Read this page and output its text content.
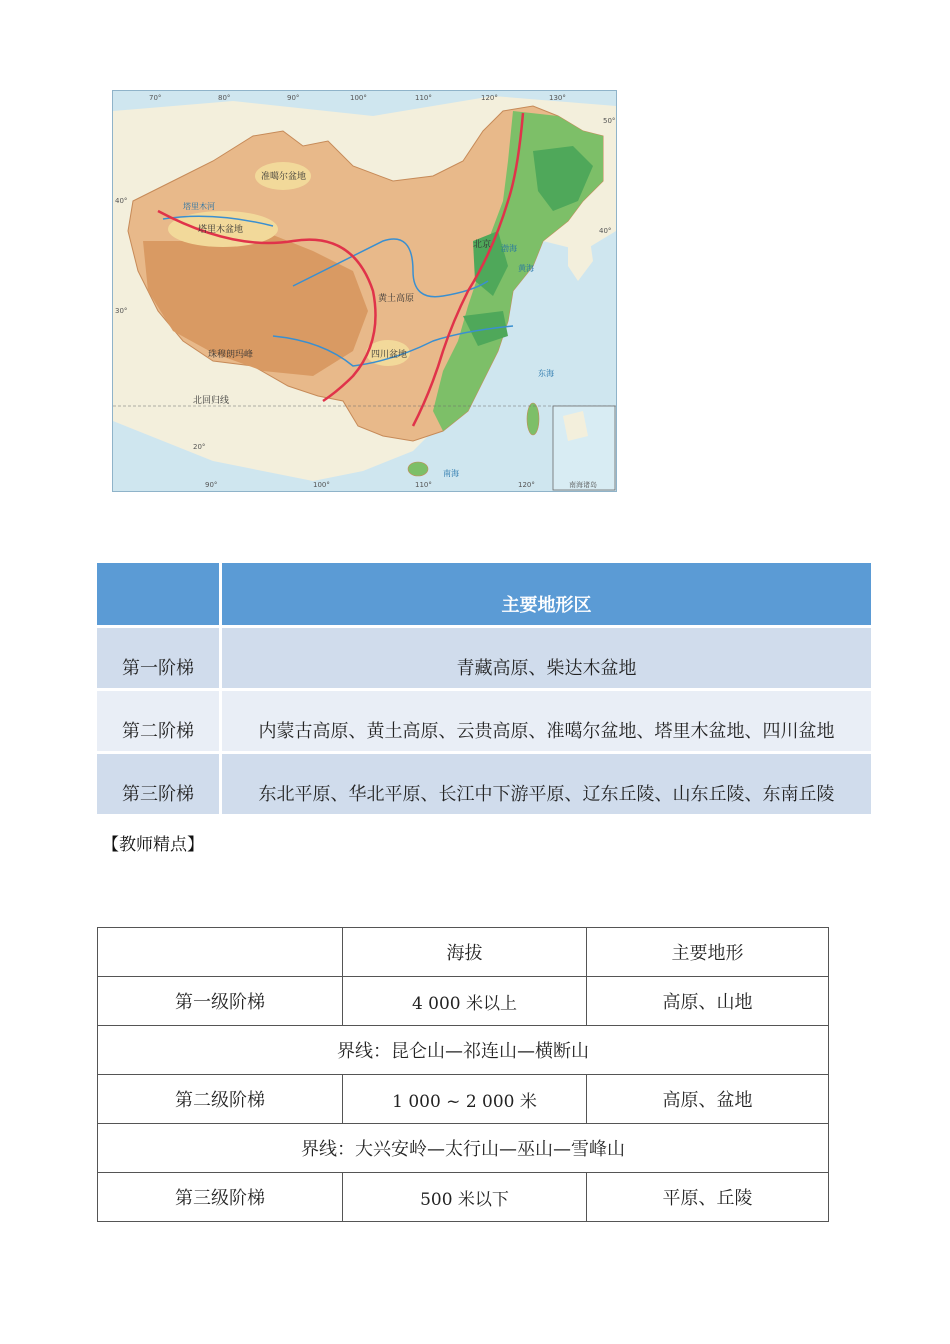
70°	80°	90°	100°	110°	120°	130°
90°	100°	110°	120°
40°
30°
20°
50°
40°
塔里木盆地
塔里木河
准噶尔盆地
四川盆地
北京
珠穆朗玛峰
北回归线
黄土高原
黄海
东海
南海
渤海
南海诸岛
	主要地形区
第一阶梯	青藏高原、柴达木盆地
第二阶梯	内蒙古高原、黄土高原、云贵高原、准噶尔盆地、塔里木盆地、四川盆地
第三阶梯	东北平原、华北平原、长江中下游平原、辽东丘陵、山东丘陵、东南丘陵
【教师精点】
	海拔	主要地形
第一级阶梯	4 000 米以上	高原、山地
界线：昆仑山—祁连山—横断山		
第二级阶梯	1 000 ~ 2 000 米	高原、盆地
界线：大兴安岭—太行山—巫山—雪峰山		
第三级阶梯	500 米以下	平原、丘陵
